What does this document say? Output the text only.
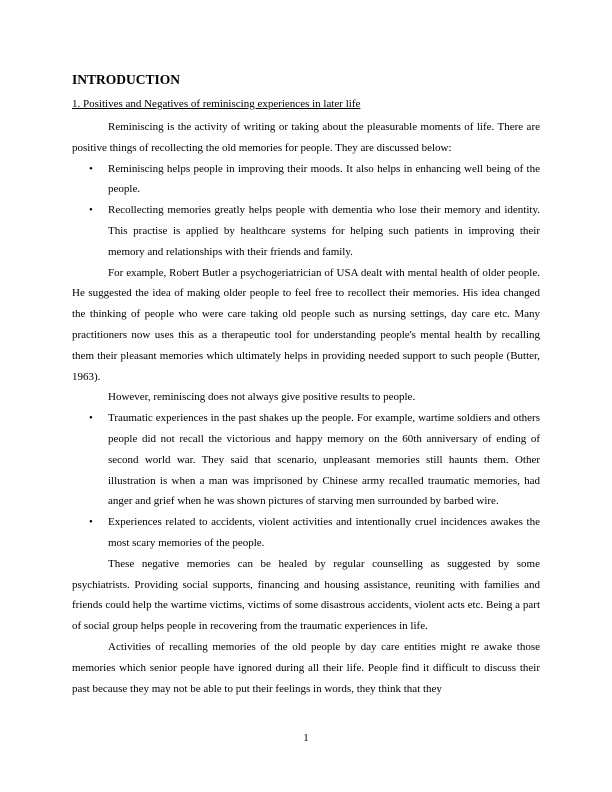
INTRODUCTION
1. Positives and Negatives of reminiscing experiences in later life

Reminiscing is the activity of writing or taking about the pleasurable moments of life. There are positive things of recollecting the old memories for people. They are discussed below:

• Reminiscing helps people in improving their moods. It also helps in enhancing well being of the people.
• Recollecting memories greatly helps people with dementia who lose their memory and identity. This practise is applied by healthcare systems for helping such patients in improving their memory and relationships with their friends and family.

For example, Robert Butler a psychogeriatrician of USA dealt with mental health of older people. He suggested the idea of making older people to feel free to recollect their memories. His idea changed the thinking of people who were care taking old people such as nursing settings, day care etc. Many practitioners now uses this as a therapeutic tool for understanding people's mental health by recalling them their pleasant memories which ultimately helps in providing needed support to such people (Butter, 1963).

However, reminiscing does not always give positive results to people.

• Traumatic experiences in the past shakes up the people. For example, wartime soldiers and others people did not recall the victorious and happy memory on the 60th anniversary of ending of second world war. They said that scenario, unpleasant memories still haunts them. Other illustration is when a man was imprisoned by Chinese army recalled traumatic memories, had anger and grief when he was shown pictures of starving men surrounded by barbed wire.
• Experiences related to accidents, violent activities and intentionally cruel incidences awakes the most scary memories of the people.

These negative memories can be healed by regular counselling as suggested by some psychiatrists. Providing social supports, financing and housing assistance, reuniting with families and friends could help the wartime victims, victims of some disastrous accidents, violent acts etc. Being a part of social group helps people in recovering from the traumatic experiences in life.

Activities of recalling memories of the old people by day care entities might re awake those memories which senior people have ignored during all their life. People find it difficult to discuss their past because they may not be able to put their feelings in words, they think that they

1
